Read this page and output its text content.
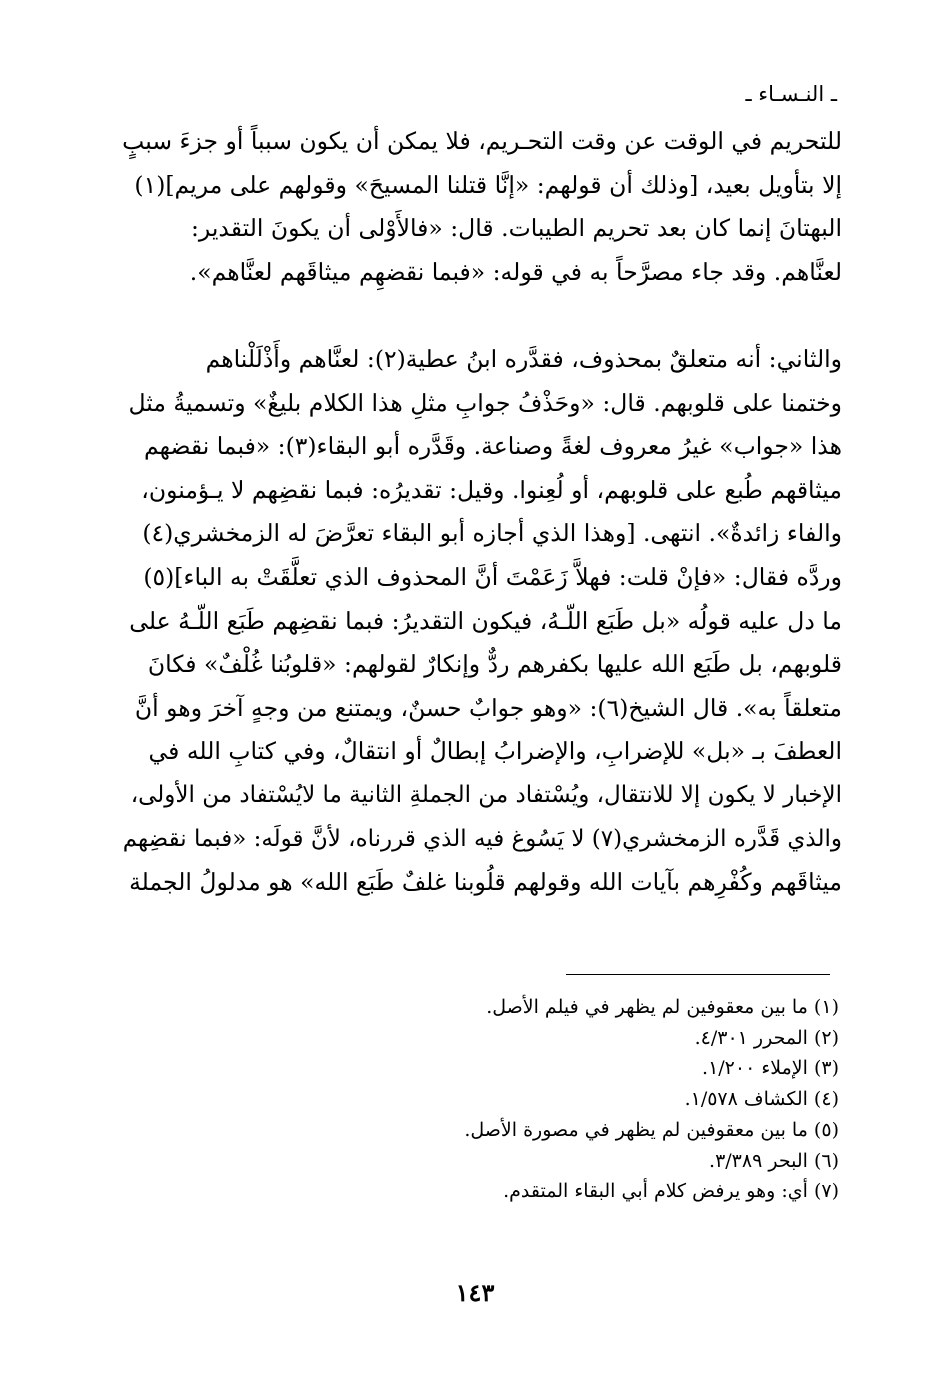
ـ النـسـاء ـ
للتحريم في الوقت عن وقت التحـريم، فلا يمكن أن يكون سبباً أو جزءَ سببٍ
إلا بتأويل بعيد، [وذلك أن قولهم: «إنَّا قتلنا المسيحَ» وقولهم على مريم](١)
البهتانَ إنما كان بعد تحريم الطيبات. قال: «فالأَوْلى أن يكونَ التقدير:
لعنَّاهم. وقد جاء مصرَّحاً به في قوله: «فبما نقضهِم ميثاقَهم لعنَّاهم».
والثاني: أنه متعلقٌ بمحذوف، فقدَّره ابنُ عطية(٢): لعنَّاهم وأَذْلَلْناهم
وختمنا على قلوبهم. قال: «وحَذْفُ جوابِ مثلِ هذا الكلام بليغٌ» وتسميةُ مثل
هذا «جواب» غيرُ معروف لغةً وصناعة. وقَدَّره أبو البقاء(٣): «فبما نقضهم
ميثاقهم طُبع على قلوبهم، أو لُعِنوا. وقيل: تقديرُه: فبما نقضِهم لا يـؤمنون،
والفاء زائدةٌ». انتهى. [وهذا الذي أجازه أبو البقاء تعرَّضَ له الزمخشري(٤)
وردَّه فقال: «فإنْ قلت: فهلاَّ زَعَمْتَ أنَّ المحذوف الذي تعلَّقَتْ به الباء](٥)
ما دل عليه قولُه «بل طَبَع اللّـهُ، فيكون التقديرُ: فبما نقضِهم طَبَع اللّـهُ على
قلوبهم، بل طَبَع الله عليها بكفرهم ردٌّ وإنكارٌ لقولهم: «قلوبُنا غُلْفٌ» فكانَ
متعلقاً به». قال الشيخ(٦): «وهو جوابٌ حسنٌ، ويمتنع من وجهٍ آخرَ وهو أنَّ
العطفَ بـ «بل» للإضرابِ، والإضرابُ إبطالٌ أو انتقالٌ، وفي كتابِ الله في
الإخبار لا يكون إلا للانتقال، ويُسْتفاد من الجملةِ الثانية ما لايُسْتفاد من الأولى،
والذي قَدَّره الزمخشري(٧) لا يَسُوغ فيه الذي قررناه، لأنَّ قولَه: «فبما نقضِهم
ميثاقَهم وكُفْرِهم بآيات الله وقولهم قلُوبنا غلفٌ طَبَع الله» هو مدلولُ الجملة
(١) ما بين معقوفين لم يظهر في فيلم الأصل.
(٢) المحرر ٤/٣٠١.
(٣) الإملاء ١/٢٠٠.
(٤) الكشاف ١/٥٧٨.
(٥) ما بين معقوفين لم يظهر في مصورة الأصل.
(٦) البحر ٣/٣٨٩.
(٧) أي: وهو يرفض كلام أبي البقاء المتقدم.
١٤٣
